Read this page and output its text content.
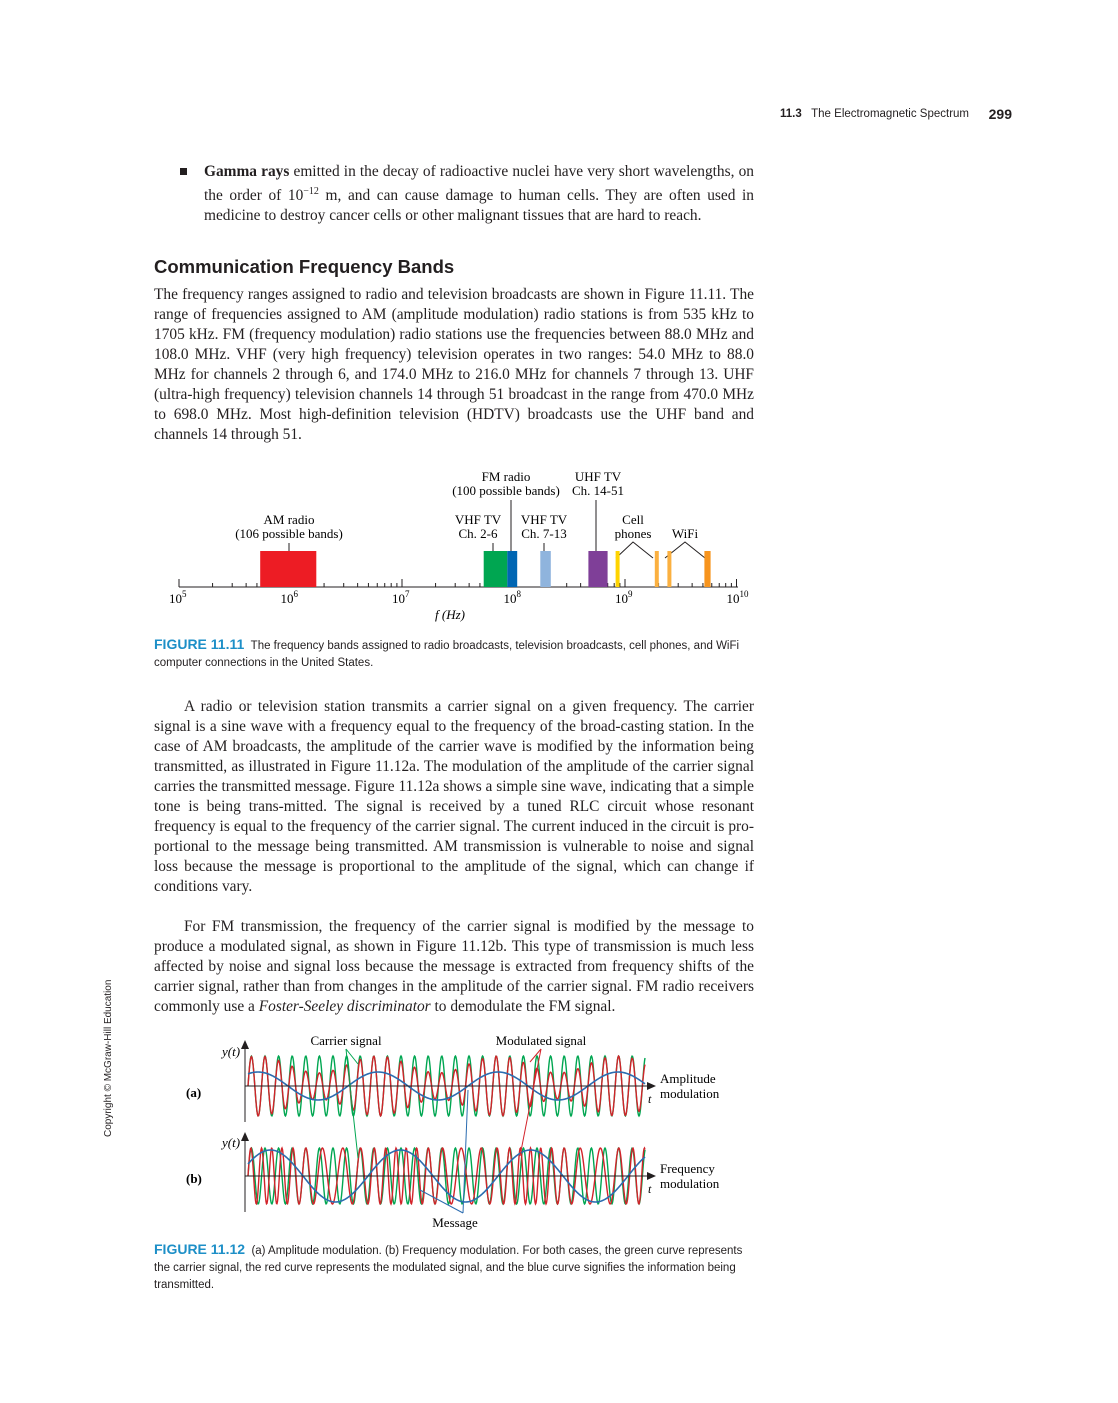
11.3 The Electromagnetic Spectrum 299
Copyright © McGraw-Hill Education

Gamma rays emitted in the decay of radioactive nuclei have very short wavelengths, on the order of $10^{-12}$ m, and can cause damage to human cells. They are often used in medicine to destroy cancer cells or other malignant tissues that are hard to reach.

Communication Frequency Bands

The frequency ranges assigned to radio and television broadcasts are shown in Figure 11.11. The range of frequencies assigned to AM (amplitude modulation) radio stations is from 535 kHz to 1705 kHz. FM (frequency modulation) radio stations use the frequencies between 88.0 MHz and 108.0 MHz. VHF (very high frequency) television operates in two ranges: 54.0 MHz to 88.0 MHz for channels 2 through 6, and 174.0 MHz to 216.0 MHz for channels 7 through 13. UHF (ultra-high frequency) television channels 14 through 51 broadcast in the range from 470.0 MHz to 698.0 MHz. Most high-definition television (HDTV) broadcasts use the UHF band and channels 14 through 51.

AM radio
(106 possible bands)
FM radio
(100 possible bands)
UHF TV
Ch. 14-51
VHF TV
Ch. 2-6
VHF TV
Ch. 7-13
Cell
phones WiFi
$10^5$	$10^6$	$10^7$	$10^8$	$10^9$	$10^{10}$
f (Hz)

FIGURE 11.11 The frequency bands assigned to radio broadcasts, television broadcasts, cell phones, and WiFi computer connections in the United States.

A radio or television station transmits a carrier signal on a given frequency. The carrier signal is a sine wave with a frequency equal to the frequency of the broad-casting station. In the case of AM broadcasts, the amplitude of the carrier wave is modified by the information being transmitted, as illustrated in Figure 11.12a. The modulation of the amplitude of the carrier signal carries the transmitted message. Figure 11.12a shows a simple sine wave, indicating that a simple tone is being trans-mitted. The signal is received by a tuned RLC circuit whose resonant frequency is equal to the frequency of the carrier signal. The current induced in the circuit is pro-portional to the message being transmitted. AM transmission is vulnerable to noise and signal loss because the message is proportional to the amplitude of the signal, which can change if conditions vary.

For FM transmission, the frequency of the carrier signal is modified by the message to produce a modulated signal, as shown in Figure 11.12b. This type of transmission is much less affected by noise and signal loss because the message is extracted from frequency shifts of the carrier signal, rather than from changes in the amplitude of the carrier signal. FM radio receivers commonly use a Foster-Seeley discriminator to demodulate the FM signal.

Carrier signal	Modulated signal
(a)
(b)
y(t)
y(t)
t
t
Amplitude
modulation
Frequency
modulation
Message

FIGURE 11.12 (a) Amplitude modulation. (b) Frequency modulation. For both cases, the green curve represents the carrier signal, the red curve represents the modulated signal, and the blue curve signifies the information being transmitted.
